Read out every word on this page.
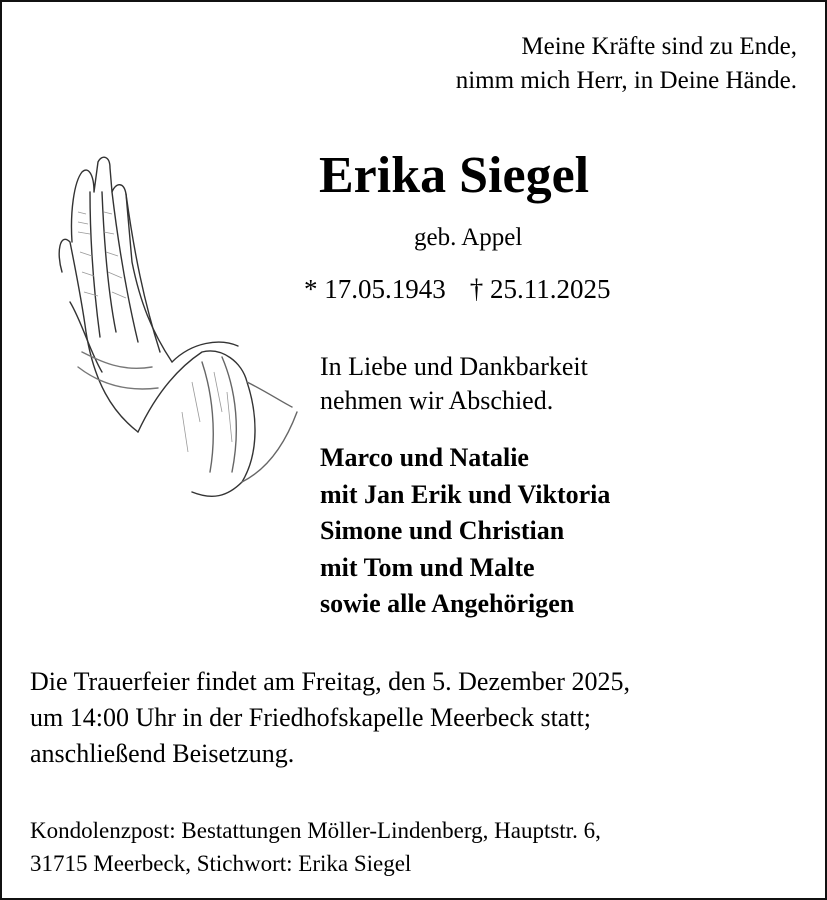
Meine Kräfte sind zu Ende,
nimm mich Herr, in Deine Hände.
Erika Siegel
geb. Appel
* 17.05.1943 † 25.11.2025
In Liebe und Dankbarkeit
nehmen wir Abschied.
Marco und Natalie
mit Jan Erik und Viktoria
Simone und Christian
mit Tom und Malte
sowie alle Angehörigen
Die Trauerfeier findet am Freitag, den 5. Dezember 2025,
um 14:00 Uhr in der Friedhofskapelle Meerbeck statt;
anschließend Beisetzung.
Kondolenzpost: Bestattungen Möller-Lindenberg, Hauptstr. 6,
31715 Meerbeck, Stichwort: Erika Siegel
